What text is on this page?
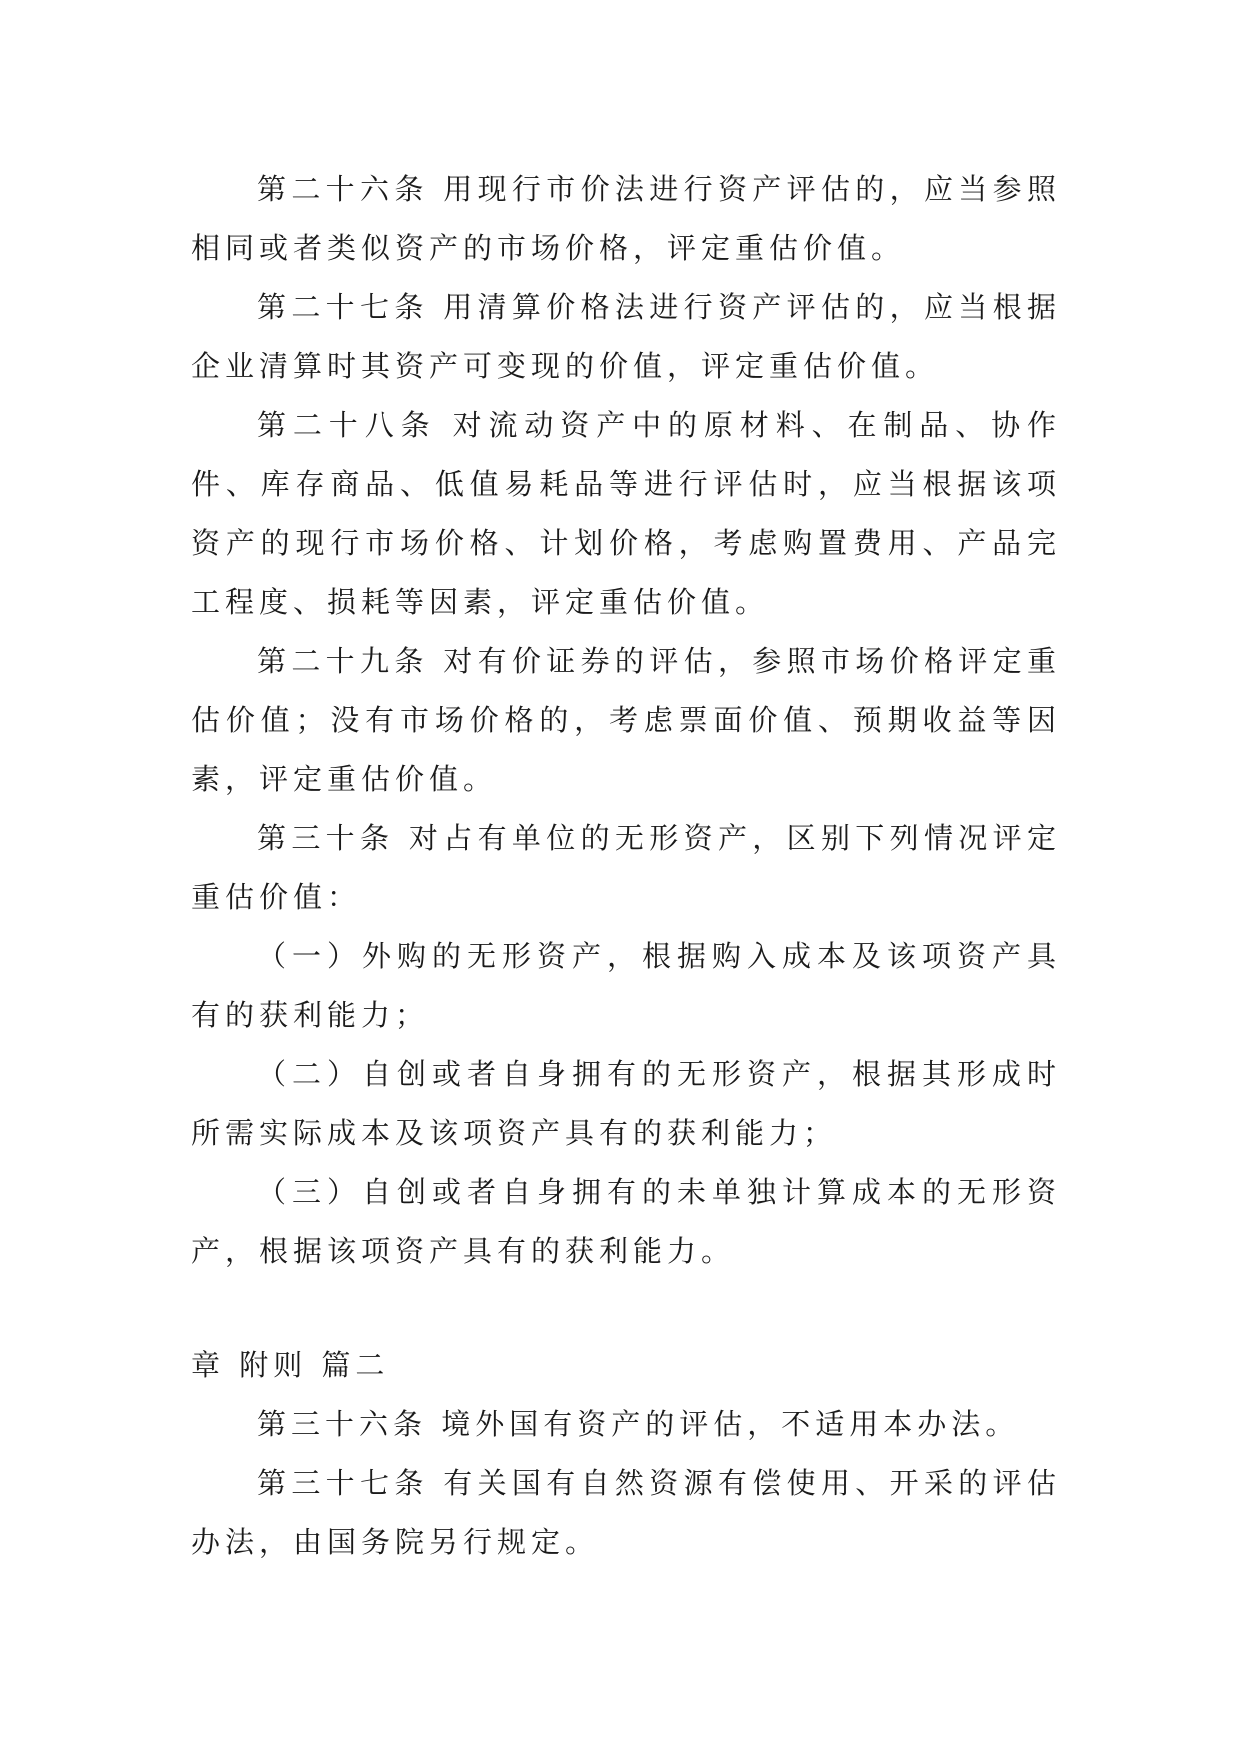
第二十六条 用现行市价法进行资产评估的，应当参照相同或者类似资产的市场价格，评定重估价值。

第二十七条 用清算价格法进行资产评估的，应当根据企业清算时其资产可变现的价值，评定重估价值。

第二十八条 对流动资产中的原材料、在制品、协作件、库存商品、低值易耗品等进行评估时，应当根据该项资产的现行市场价格、计划价格，考虑购置费用、产品完工程度、损耗等因素，评定重估价值。

第二十九条 对有价证券的评估，参照市场价格评定重估价值；没有市场价格的，考虑票面价值、预期收益等因素，评定重估价值。

第三十条 对占有单位的无形资产，区别下列情况评定重估价值：

（一）外购的无形资产，根据购入成本及该项资产具有的获利能力；

（二）自创或者自身拥有的无形资产，根据其形成时所需实际成本及该项资产具有的获利能力；

（三）自创或者自身拥有的未单独计算成本的无形资产，根据该项资产具有的获利能力。

章 附则 篇二

第三十六条 境外国有资产的评估，不适用本办法。

第三十七条 有关国有自然资源有偿使用、开采的评估办法，由国务院另行规定。
